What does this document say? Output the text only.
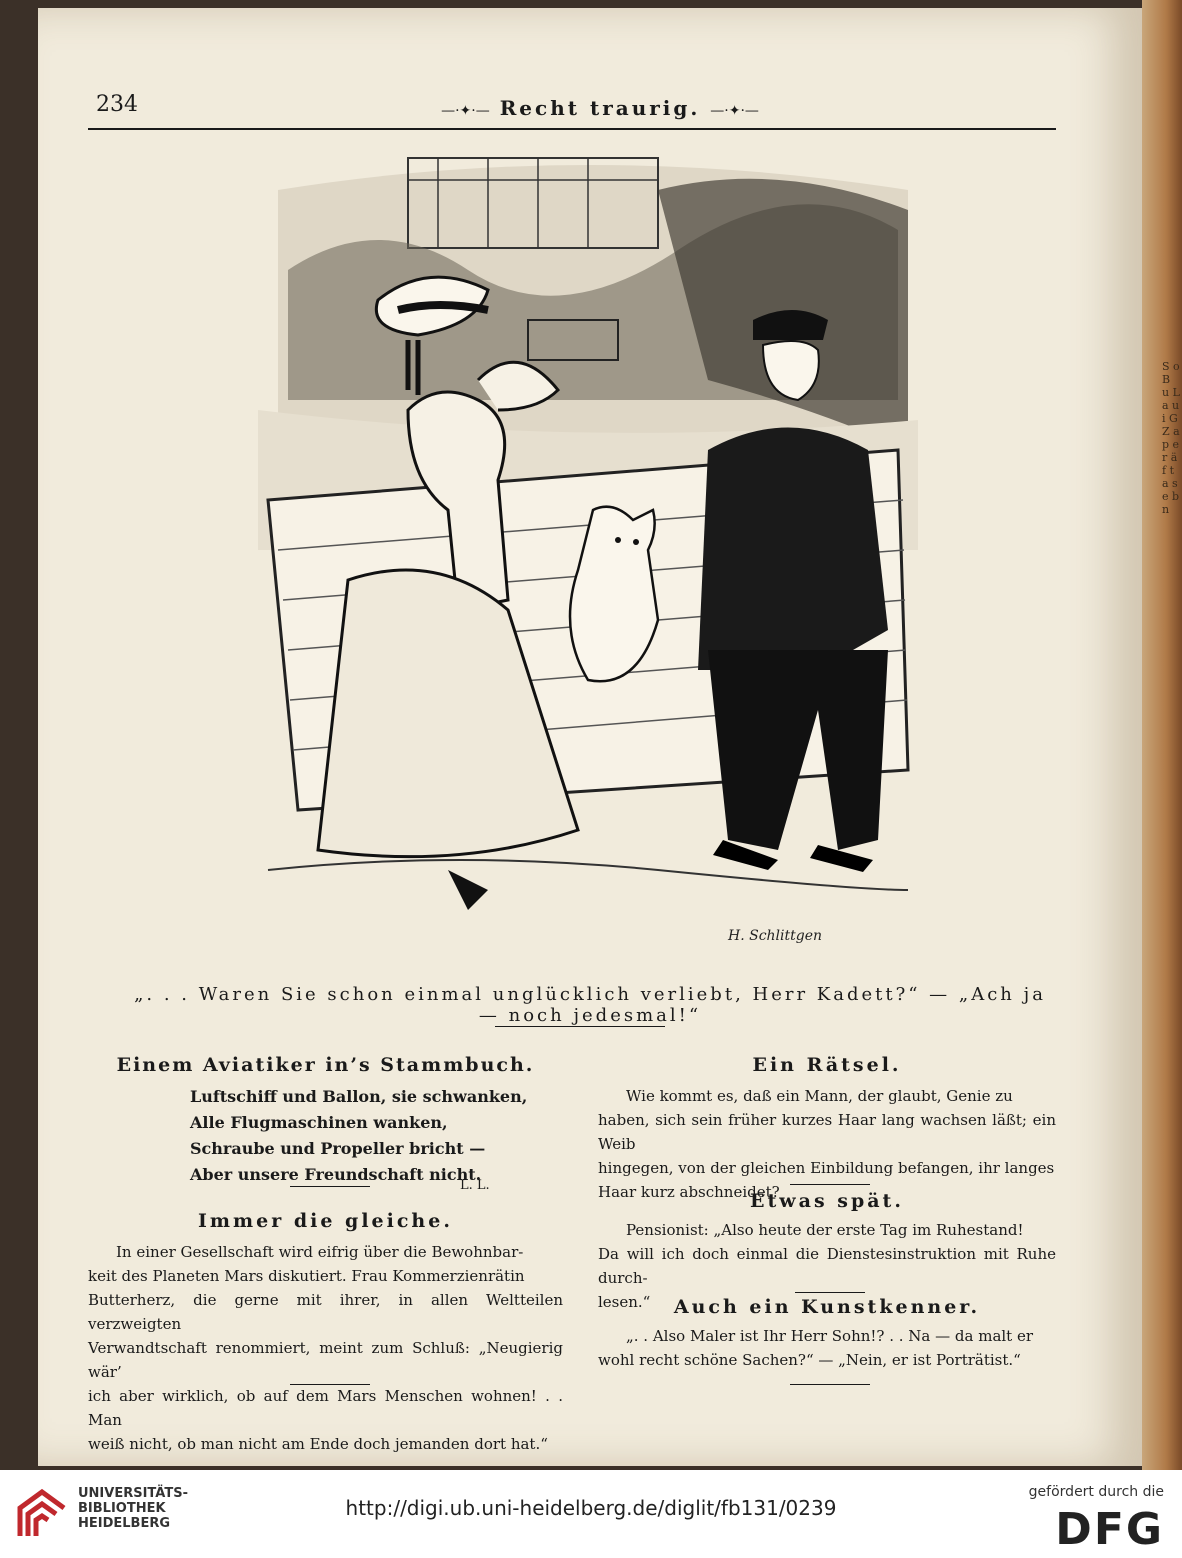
S o B u L a u i G Z a p e r ä f t a s e b n
234	—·✦·— Recht traurig. —·✦·—
H. Schlittgen
„. . . Waren Sie schon einmal unglücklich verliebt, Herr Kadett?“ — „Ach ja — noch jedesmal!“
Einem Aviatiker in’s Stammbuch.
Luftschiff und Ballon, sie schwanken,
Alle Flugmaschinen wanken,
Schraube und Propeller bricht —
Aber unsere Freundschaft nicht.
L. L.
Immer die gleiche.

In einer Gesellschaft wird eifrig über die Bewohnbar-

keit des Planeten Mars diskutiert. Frau Kommerzienrätin

Butterherz, die gerne mit ihrer, in allen Weltteilen verzweigten

Verwandtschaft renommiert, meint zum Schluß: „Neugierig wär’

ich aber wirklich, ob auf dem Mars Menschen wohnen! . . Man

weiß nicht, ob man nicht am Ende doch jemanden dort hat.“

Ein Rätsel.

Wie kommt es, daß ein Mann, der glaubt, Genie zu

haben, sich sein früher kurzes Haar lang wachsen läßt; ein Weib

hingegen, von der gleichen Einbildung befangen, ihr langes

Haar kurz abschneidet?

Etwas spät.

Pensionist: „Also heute der erste Tag im Ruhestand!

Da will ich doch einmal die Dienstesinstruktion mit Ruhe durch-

lesen.“	Auch ein Kunstkenner.

„. . Also Maler ist Ihr Herr Sohn!? . . Na — da malt er

wohl recht schöne Sachen?“ — „Nein, er ist Porträtist.“

UNIVERSITÄTS-
BIBLIOTHEK
HEIDELBERG
http://digi.ub.uni-heidelberg.de/diglit/fb131/0239
gefördert durch die
DFG
